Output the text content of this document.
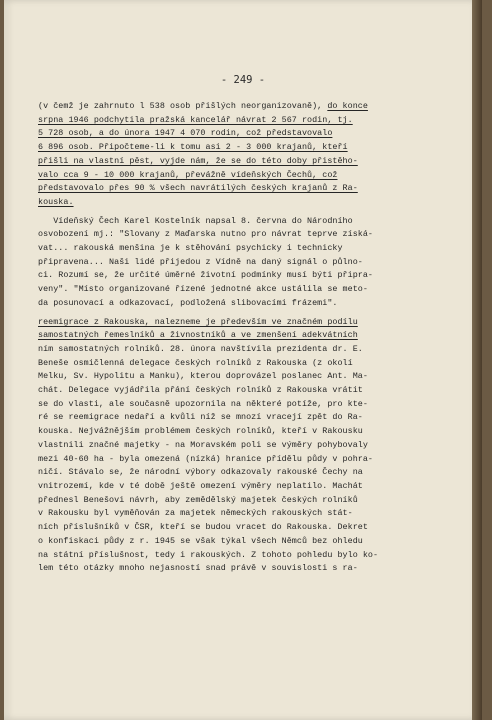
- 249 -
(v čemž je zahrnuto l 538 osob přišlých neorganizovaně), do konce
srpna 1946 podchytila pražská kancelář návrat 2 567 rodin, tj.
5 728 osob, a do února 1947 4 070 rodin, což představovalo
6 896 osob. Připočteme-li k tomu asi 2 - 3 000 krajanů, kteří
přišli na vlastní pěst, vyjde nám, že se do této doby přistěho-
valo cca 9 - 10 000 krajanů, převážně vídeňských Čechů, což
představovalo přes 90 % všech navrátilých českých krajanů z Ra-
kouska.
Vídeňský Čech Karel Kostelník napsal 8. června do Národního
osvobození mj.: "Slovany z Maďarska nutno pro návrat teprve získá-
vat... rakouská menšina je k stěhování psychicky i technicky
připravena... Naši lidé přijedou z Vídně na daný signál o půlno-
ci. Rozumí se, že určité úměrné životní podmínky musí býti připra-
veny". "Místo organizované řízené jednotné akce ustálila se meto-
da posunovací a odkazovací, podložená slibovacími frázemi".
reemigrace z Rakouska, nalezneme je především ve značném podílu
samostatných řemeslníků a živnostníků a ve zmenšení adekvátních
ním samostatných rolníků. 28. února navštívila prezidenta dr. E.
Beneše osmičlenná delegace českých rolníků z Rakouska (z okolí
Melku, Sv. Hypolitu a Manku), kterou doprovázel poslanec Ant. Ma-
chát. Delegace vyjádřila přání českých rolníků z Rakouska vrátit
se do vlasti, ale současně upozornila na některé potíže, pro kte-
ré se reemigrace nedaří a kvůli níž se mnozí vracejí zpět do Ra-
kouska. Nejvážnějším problémem českých rolníků, kteří v Rakousku
vlastnili značné majetky - na Moravském poli se výměry pohybovaly
mezi 40-60 ha - byla omezená (nízká) hranice přídělu půdy v pohra-
ničí. Stávalo se, že národní výbory odkazovaly rakouské Čechy na
vnitrozemí, kde v té době ještě omezení výměry neplatilo. Machát
přednesl Benešovi návrh, aby zemědělský majetek českých rolníků
v Rakousku byl vyměňován za majetek německých rakouských stát-
ních příslušníků v ČSR, kteří se budou vracet do Rakouska. Dekret
o konfiskaci půdy z r. 1945 se však týkal všech Němců bez ohledu
na státní příslušnost, tedy i rakouských. Z tohoto pohledu bylo ko-
lem této otázky mnoho nejasností snad právě v souvislosti s ra-
